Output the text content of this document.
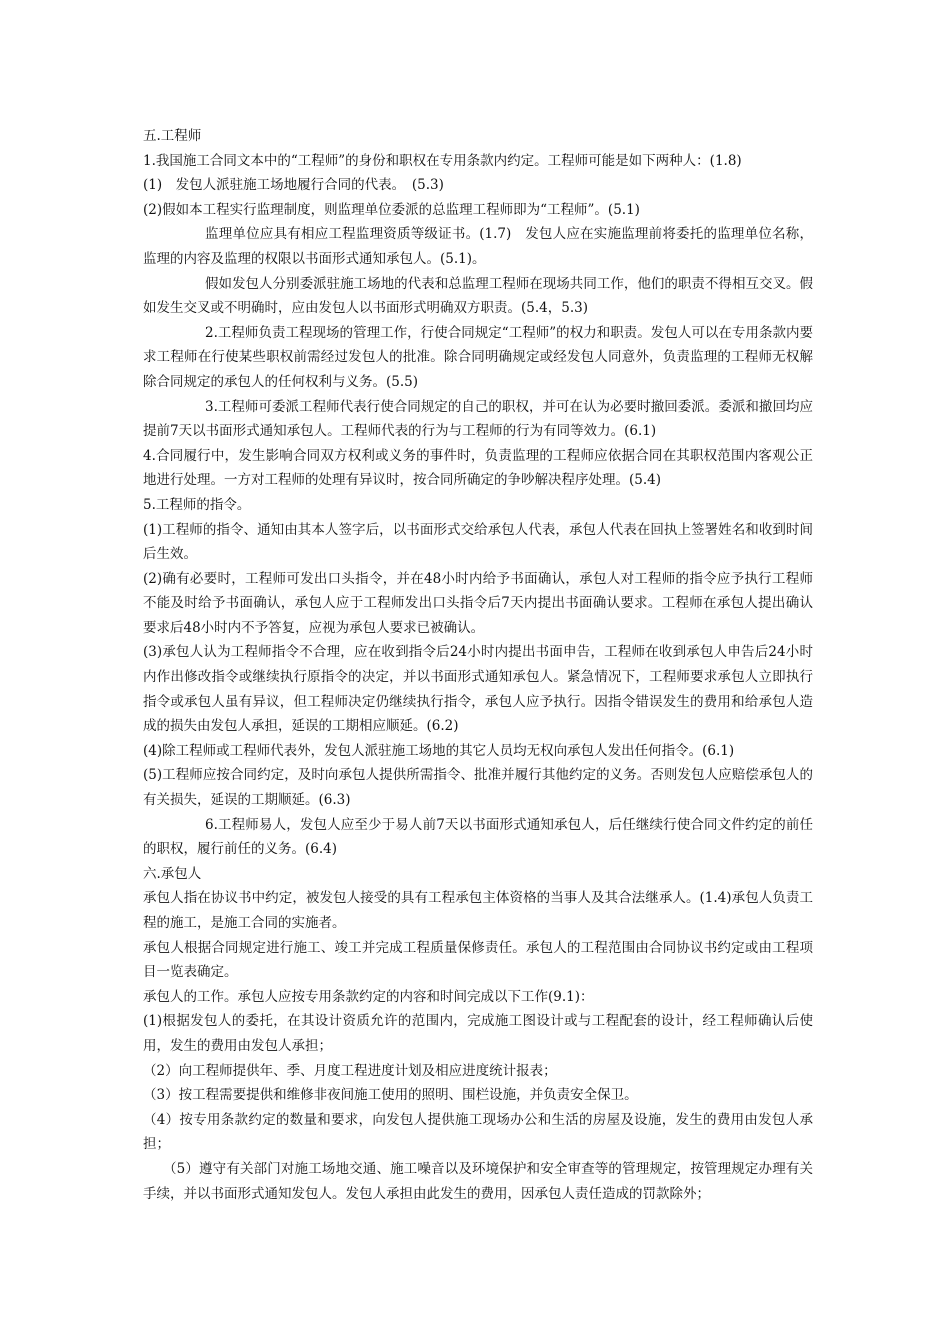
五.工程师

1.我国施工合同文本中的“工程师”的身份和职权在专用条款内约定。工程师可能是如下两种人：(1.8)

(1)　发包人派驻施工场地履行合同的代表。　(5.3)

(2)假如本工程实行监理制度，则监理单位委派的总监理工程师即为“工程师”。(5.1)

监理单位应具有相应工程监理资质等级证书。(1.7)　发包人应在实施监理前将委托的监理单位名称，监理的内容及监理的权限以书面形式通知承包人。(5.1)。

假如发包人分别委派驻施工场地的代表和总监理工程师在现场共同工作，他们的职责不得相互交叉。假如发生交叉或不明确时，应由发包人以书面形式明确双方职责。(5.4，5.3)

2.工程师负责工程现场的管理工作，行使合同规定“工程师”的权力和职责。发包人可以在专用条款内要求工程师在行使某些职权前需经过发包人的批准。除合同明确规定或经发包人同意外，负责监理的工程师无权解除合同规定的承包人的任何权利与义务。(5.5)

3.工程师可委派工程师代表行使合同规定的自己的职权，并可在认为必要时撤回委派。委派和撤回均应提前7天以书面形式通知承包人。工程师代表的行为与工程师的行为有同等效力。(6.1)

4.合同履行中，发生影响合同双方权利或义务的事件时，负责监理的工程师应依据合同在其职权范围内客观公正地进行处理。一方对工程师的处理有异议时，按合同所确定的争吵解决程序处理。(5.4)

5.工程师的指令。

(1)工程师的指令、通知由其本人签字后，以书面形式交给承包人代表，承包人代表在回执上签署姓名和收到时间后生效。

(2)确有必要时，工程师可发出口头指令，并在48小时内给予书面确认，承包人对工程师的指令应予执行工程师不能及时给予书面确认，承包人应于工程师发出口头指令后7天内提出书面确认要求。工程师在承包人提出确认要求后48小时内不予答复，应视为承包人要求已被确认。

(3)承包人认为工程师指令不合理，应在收到指令后24小时内提出书面申告，工程师在收到承包人申告后24小时内作出修改指令或继续执行原指令的决定，并以书面形式通知承包人。紧急情况下，工程师要求承包人立即执行指令或承包人虽有异议，但工程师决定仍继续执行指令，承包人应予执行。因指令错误发生的费用和给承包人造成的损失由发包人承担，延误的工期相应顺延。(6.2)

(4)除工程师或工程师代表外，发包人派驻施工场地的其它人员均无权向承包人发出任何指令。(6.1)

(5)工程师应按合同约定，及时向承包人提供所需指令、批准并履行其他约定的义务。否则发包人应赔偿承包人的有关损失，延误的工期顺延。(6.3)

6.工程师易人，发包人应至少于易人前7天以书面形式通知承包人，后任继续行使合同文件约定的前任的职权，履行前任的义务。(6.4)

六.承包人

承包人指在协议书中约定，被发包人接受的具有工程承包主体资格的当事人及其合法继承人。(1.4)承包人负责工程的施工，是施工合同的实施者。

承包人根据合同规定进行施工、竣工并完成工程质量保修责任。承包人的工程范围由合同协议书约定或由工程项目一览表确定。

承包人的工作。承包人应按专用条款约定的内容和时间完成以下工作(9.1)：

(1)根据发包人的委托，在其设计资质允许的范围内，完成施工图设计或与工程配套的设计，经工程师确认后使用，发生的费用由发包人承担；

（2）向工程师提供年、季、月度工程进度计划及相应进度统计报表；

（3）按工程需要提供和维修非夜间施工使用的照明、围栏设施，并负责安全保卫。

（4）按专用条款约定的数量和要求，向发包人提供施工现场办公和生活的房屋及设施，发生的费用由发包人承担；

（5）遵守有关部门对施工场地交通、施工噪音以及环境保护和安全审查等的管理规定，按管理规定办理有关手续，并以书面形式通知发包人。发包人承担由此发生的费用，因承包人责任造成的罚款除外；
